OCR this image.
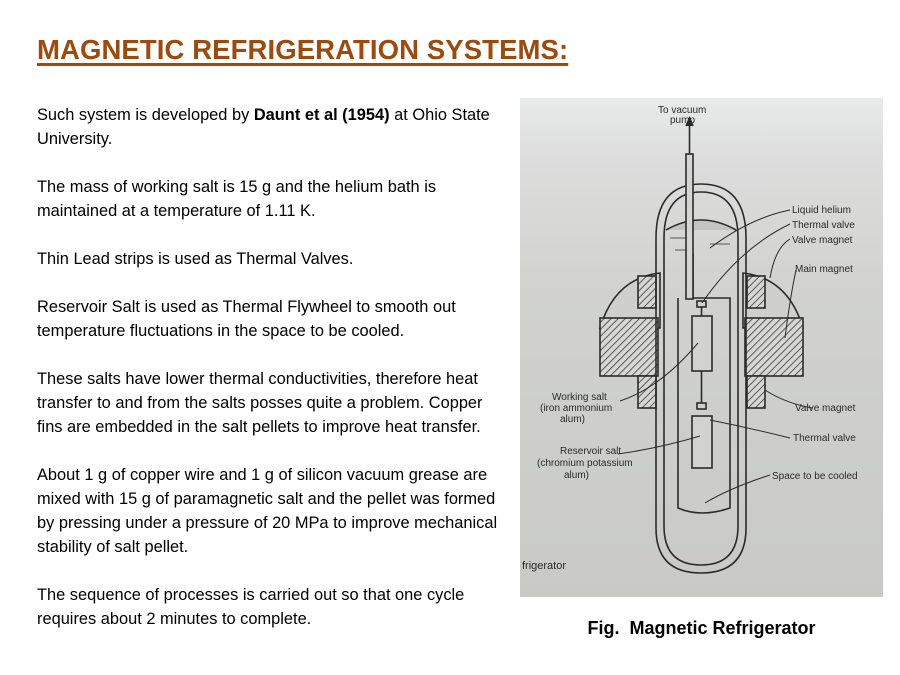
MAGNETIC REFRIGERATION SYSTEMS:

Such system is developed by Daunt et al (1954) at Ohio State University.

The mass of working salt is 15 g and the helium bath is maintained at a temperature of 1.11 K.

Thin Lead strips is used as Thermal Valves.

Reservoir Salt is used as Thermal Flywheel to smooth out temperature fluctuations in the space to be cooled.

These salts have lower thermal conductivities, therefore heat transfer to and from the salts posses quite a problem. Copper fins are embedded in the salt pellets to improve heat transfer.

About 1 g of copper wire and 1 g of silicon vacuum grease are mixed with 15 g of paramagnetic salt and the pellet was formed by pressing under a pressure of 20 MPa to improve mechanical stability of salt pellet.

The sequence of processes is carried out so that one cycle requires about 2 minutes to complete.

To vacuum
pump
Liquid helium
Thermal valve
Valve magnet
Main magnet
Working salt
(iron ammonium
alum)
Valve magnet
Thermal valve
Reservoir salt
(chromium potassium
alum)	Space to be cooled
frigerator
Fig.  Magnetic Refrigerator
